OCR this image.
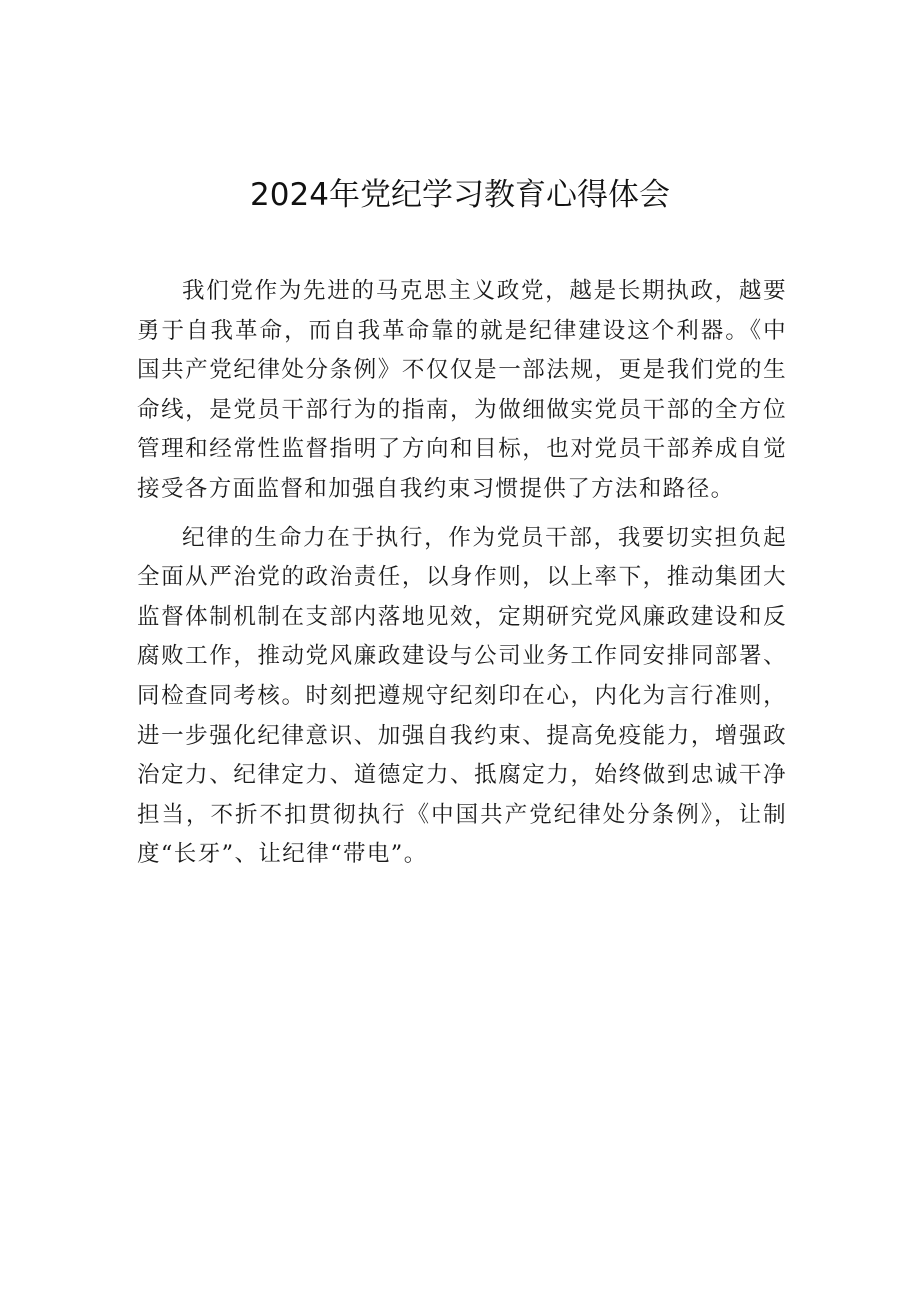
2024年党纪学习教育心得体会

我们党作为先进的马克思主义政党，越是长期执政，越要勇于自我革命，而自我革命靠的就是纪律建设这个利器。《中国共产党纪律处分条例》不仅仅是一部法规，更是我们党的生命线，是党员干部行为的指南，为做细做实党员干部的全方位管理和经常性监督指明了方向和目标，也对党员干部养成自觉接受各方面监督和加强自我约束习惯提供了方法和路径。

纪律的生命力在于执行，作为党员干部，我要切实担负起全面从严治党的政治责任，以身作则，以上率下，推动集团大监督体制机制在支部内落地见效，定期研究党风廉政建设和反腐败工作，推动党风廉政建设与公司业务工作同安排同部署、同检查同考核。时刻把遵规守纪刻印在心，内化为言行准则，进一步强化纪律意识、加强自我约束、提高免疫能力，增强政治定力、纪律定力、道德定力、抵腐定力，始终做到忠诚干净担当，不折不扣贯彻执行《中国共产党纪律处分条例》，让制度“长牙”、让纪律“带电”。
